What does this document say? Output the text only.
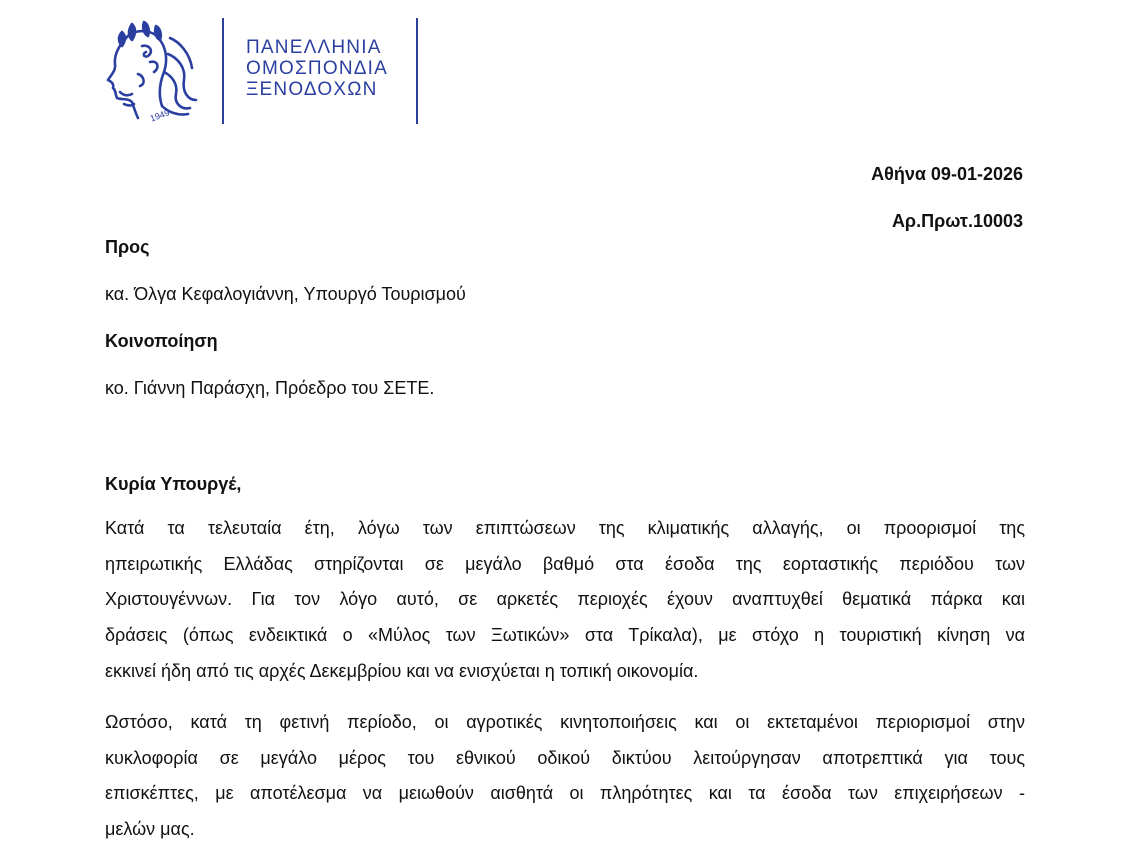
1949
ΠΑΝΕΛΛΗΝΙΑ
ΟΜΟΣΠΟΝΔΙΑ
ΞΕΝΟΔΟΧΩΝ
Αθήνα 09-01-2026
Αρ.Πρωτ.10003
Προς
κα. Όλγα Κεφαλογιάννη, Υπουργό Τουρισμού
Κοινοποίηση
κο. Γιάννη Παράσχη, Πρόεδρο του ΣΕΤΕ.
Κυρία Υπουργέ,
Κατά τα τελευταία έτη, λόγω των επιπτώσεων της κλιματικής αλλαγής, οι προορισμοί της
ηπειρωτικής Ελλάδας στηρίζονται σε μεγάλο βαθμό στα έσοδα της εορταστικής περιόδου των
Χριστουγέννων. Για τον λόγο αυτό, σε αρκετές περιοχές έχουν αναπτυχθεί θεματικά πάρκα και
δράσεις (όπως ενδεικτικά ο «Μύλος των Ξωτικών» στα Τρίκαλα), με στόχο η τουριστική κίνηση να
εκκινεί ήδη από τις αρχές Δεκεμβρίου και να ενισχύεται η τοπική οικονομία.
Ωστόσο, κατά τη φετινή περίοδο, οι αγροτικές κινητοποιήσεις και οι εκτεταμένοι περιορισμοί στην
κυκλοφορία σε μεγάλο μέρος του εθνικού οδικού δικτύου λειτούργησαν αποτρεπτικά για τους
επισκέπτες, με αποτέλεσμα να μειωθούν αισθητά οι πληρότητες και τα έσοδα των επιχειρήσεων -
μελών μας.
